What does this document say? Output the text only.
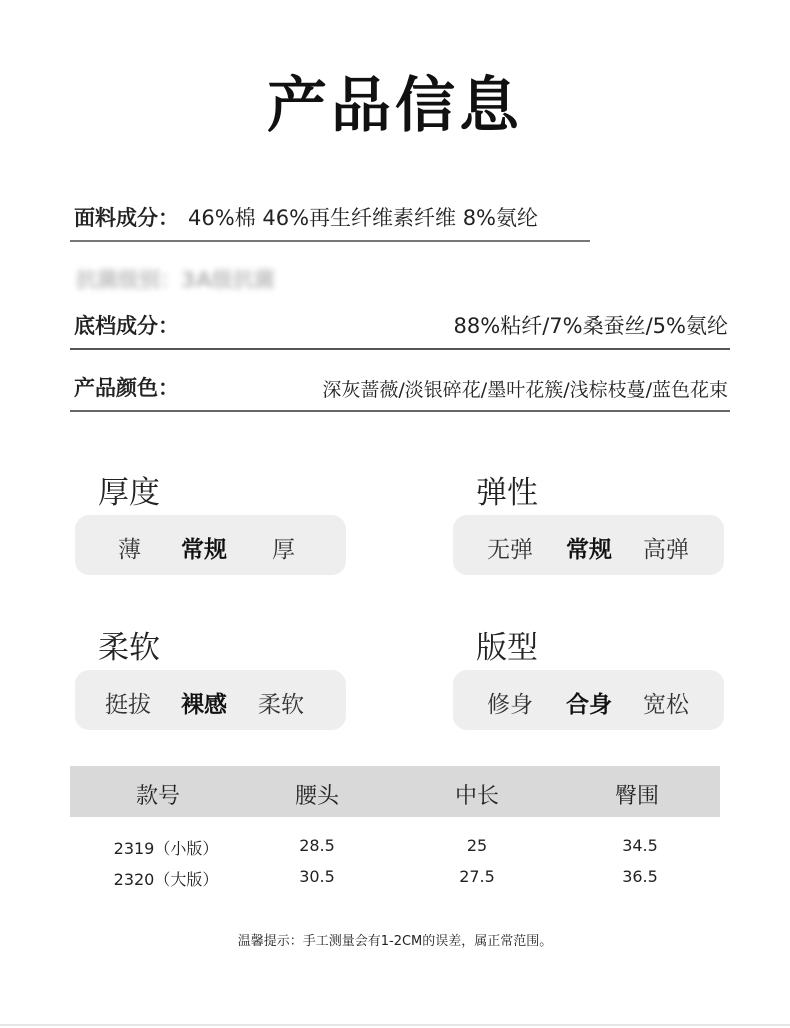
产品信息
面料成分： 46%棉 46%再生纤维素纤维 8%氨纶
抗菌级别：3A级抗菌
底档成分：	88%粘纤/7%桑蚕丝/5%氨纶
产品颜色：	深灰蔷薇/淡银碎花/墨叶花簇/浅棕枝蔓/蓝色花束
厚度
薄 常规 厚
弹性
无弹 常规 高弹
柔软
挺拔 裸感 柔软
版型
修身 合身 宽松
款号	腰头	中长	臀围
2319（小版）	28.5	25	34.5
2320（大版）	30.5	27.5	36.5
温馨提示：手工测量会有1-2CM的误差，属正常范围。
